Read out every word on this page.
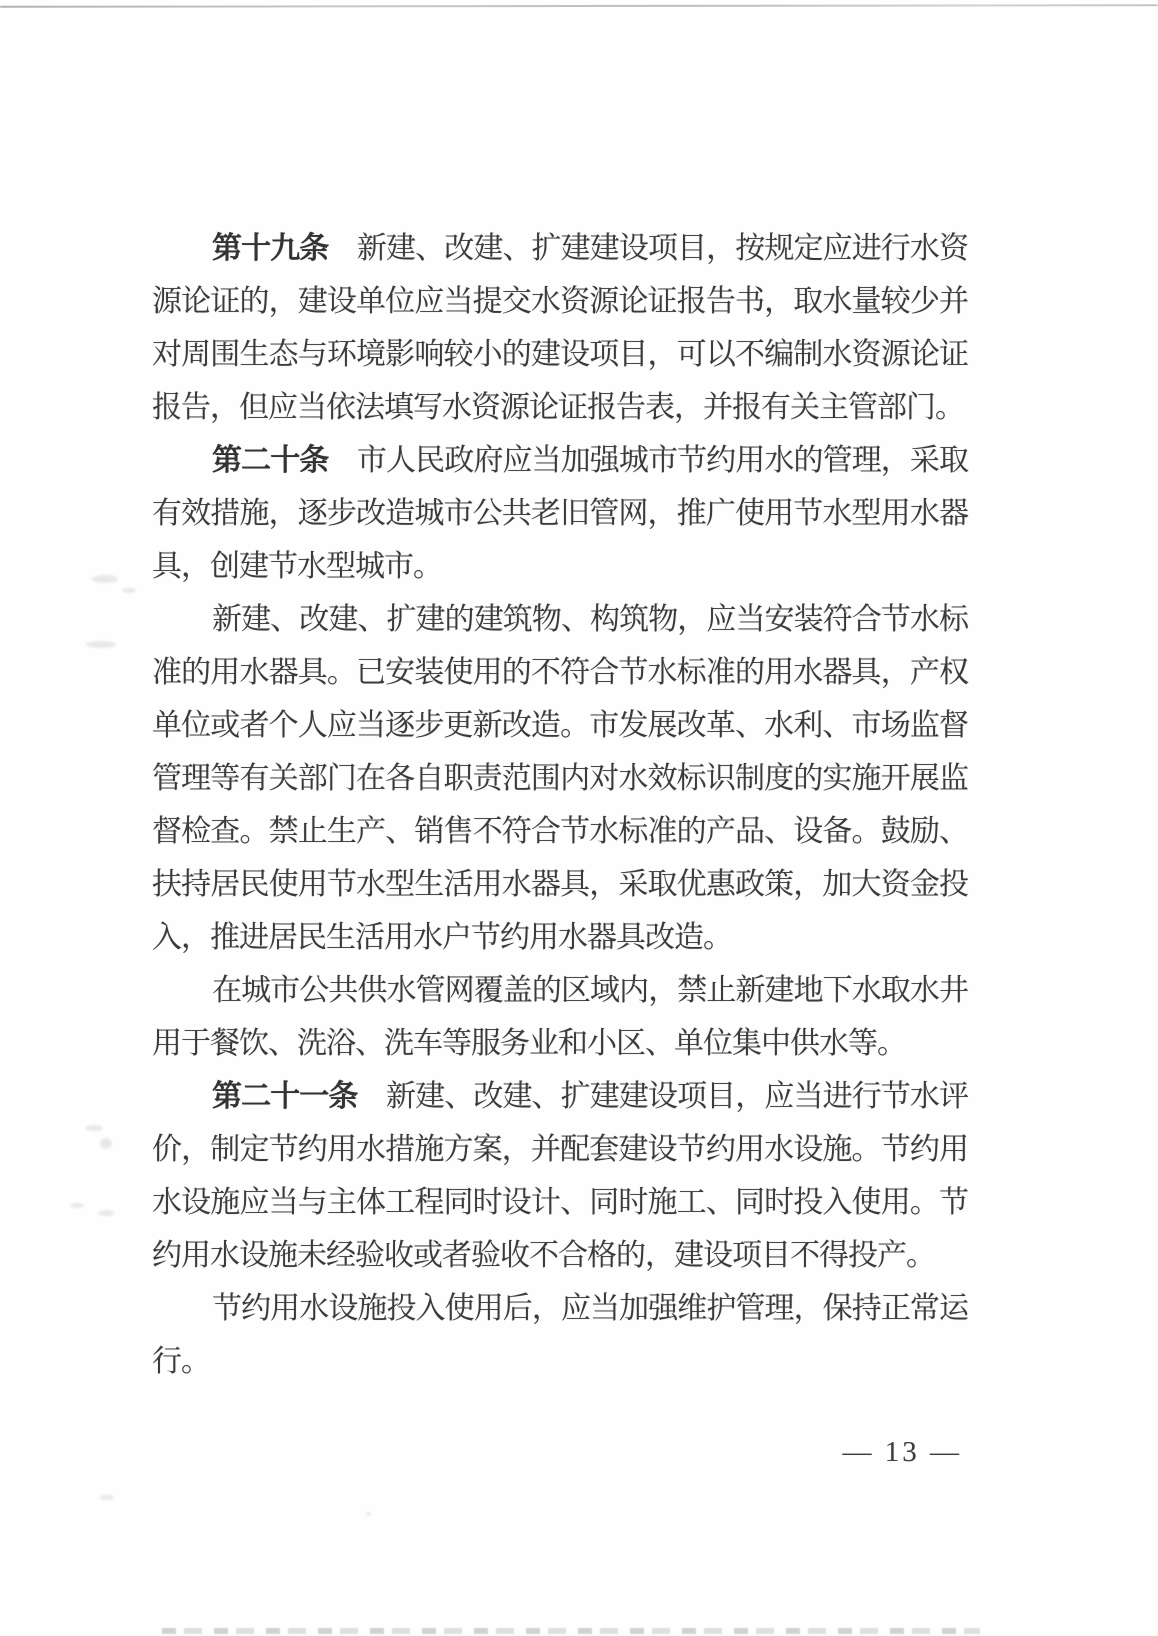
第十九条 新建、改建、扩建建设项目，按规定应进行水资源论证的，建设单位应当提交水资源论证报告书，取水量较少并对周围生态与环境影响较小的建设项目，可以不编制水资源论证报告，但应当依法填写水资源论证报告表，并报有关主管部门。

第二十条 市人民政府应当加强城市节约用水的管理，采取有效措施，逐步改造城市公共老旧管网，推广使用节水型用水器具，创建节水型城市。

新建、改建、扩建的建筑物、构筑物，应当安装符合节水标准的用水器具。已安装使用的不符合节水标准的用水器具，产权单位或者个人应当逐步更新改造。市发展改革、水利、市场监督管理等有关部门在各自职责范围内对水效标识制度的实施开展监督检查。禁止生产、销售不符合节水标准的产品、设备。鼓励、扶持居民使用节水型生活用水器具，采取优惠政策，加大资金投入，推进居民生活用水户节约用水器具改造。

在城市公共供水管网覆盖的区域内，禁止新建地下水取水井用于餐饮、洗浴、洗车等服务业和小区、单位集中供水等。

第二十一条 新建、改建、扩建建设项目，应当进行节水评价，制定节约用水措施方案，并配套建设节约用水设施。节约用水设施应当与主体工程同时设计、同时施工、同时投入使用。节约用水设施未经验收或者验收不合格的，建设项目不得投产。

节约用水设施投入使用后，应当加强维护管理，保持正常运行。

— 13 —
